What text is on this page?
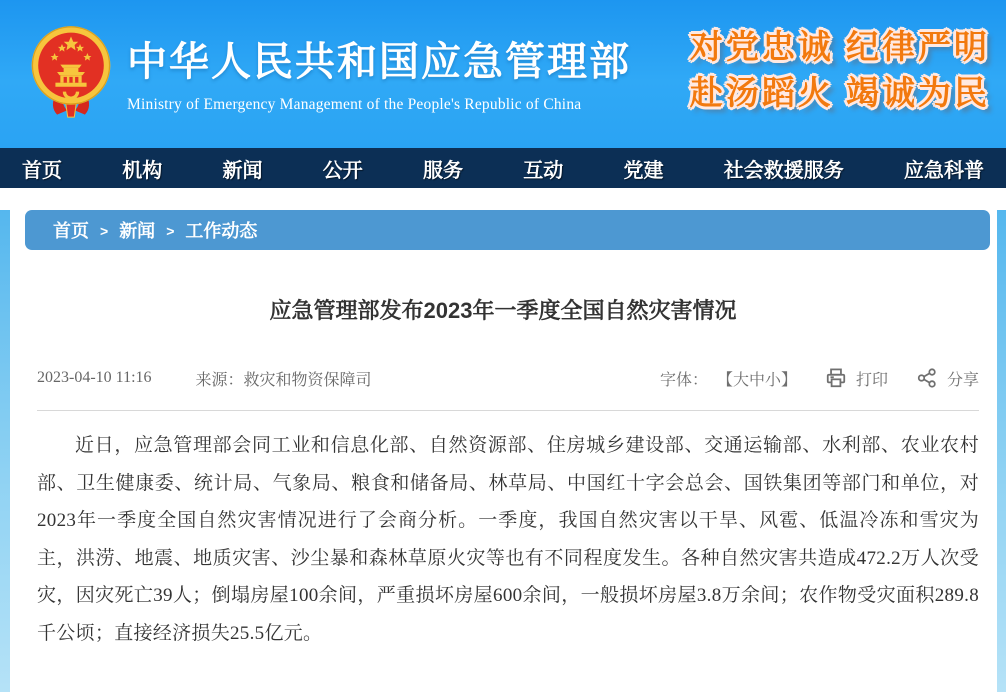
中华人民共和国应急管理部
Ministry of Emergency Management of the People's Republic of China
对党忠诚 纪律严明
赴汤蹈火 竭诚为民
首页	机构	新闻	公开	服务	互动	党建	社会救援服务	应急科普
首页 > 新闻 > 工作动态
应急管理部发布2023年一季度全国自然灾害情况
2023-04-10 11:16	来源：救灾和物资保障司	字体： 【大中小】	打印	分享

近日，应急管理部会同工业和信息化部、自然资源部、住房城乡建设部、交通运输部、水利部、农业农村部、卫生健康委、统计局、气象局、粮食和储备局、林草局、中国红十字会总会、国铁集团等部门和单位，对2023年一季度全国自然灾害情况进行了会商分析。一季度，我国自然灾害以干旱、风雹、低温冷冻和雪灾为主，洪涝、地震、地质灾害、沙尘暴和森林草原火灾等也有不同程度发生。各种自然灾害共造成472.2万人次受灾，因灾死亡39人；倒塌房屋100余间，严重损坏房屋600余间，一般损坏房屋3.8万余间；农作物受灾面积289.8千公顷；直接经济损失25.5亿元。
